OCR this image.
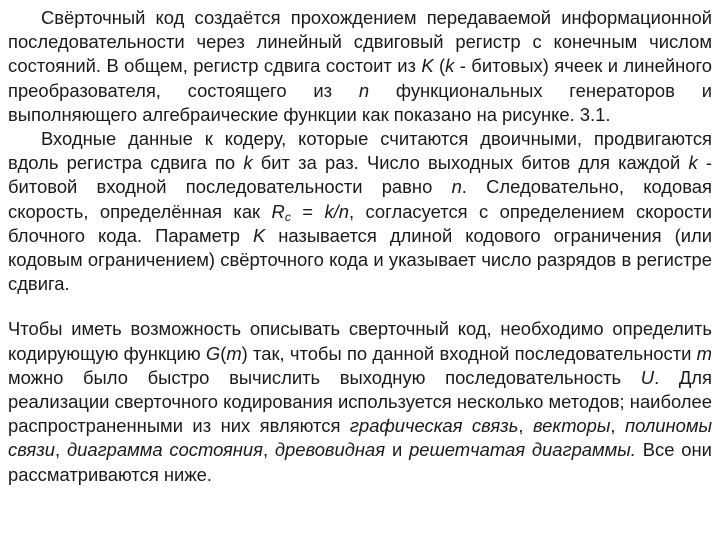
Свёрточный код создаётся прохождением передаваемой информационной последовательности через линейный сдвиговый регистр с конечным числом состояний. В общем, регистр сдвига состоит из K (k - битовых) ячеек и линейного преобразователя, состоящего из n функциональных генераторов и выполняющего алгебраические функции как показано на рисунке. 3.1.

Входные данные к кодеру, которые считаются двоичными, продвигаются вдоль регистра сдвига по k бит за раз. Число выходных битов для каждой k - битовой входной последовательности равно n. Следовательно, кодовая скорость, определённая как $R_c = k/n$, согласуется с определением скорости блочного кода. Параметр K называется длиной кодового ограничения (или кодовым ограничением) свёрточного кода и указывает число разрядов в регистре сдвига.

Чтобы иметь возможность описывать сверточный код, необходимо определить кодирующую функцию G(m) так, чтобы по данной входной последовательности m можно было быстро вычислить выходную последовательность U. Для реализации сверточного кодирования используется несколько методов; наиболее распространенными из них являются графическая связь, векторы, полиномы связи, диаграмма состояния, древовидная и решетчатая диаграммы. Все они рассматриваются ниже.
